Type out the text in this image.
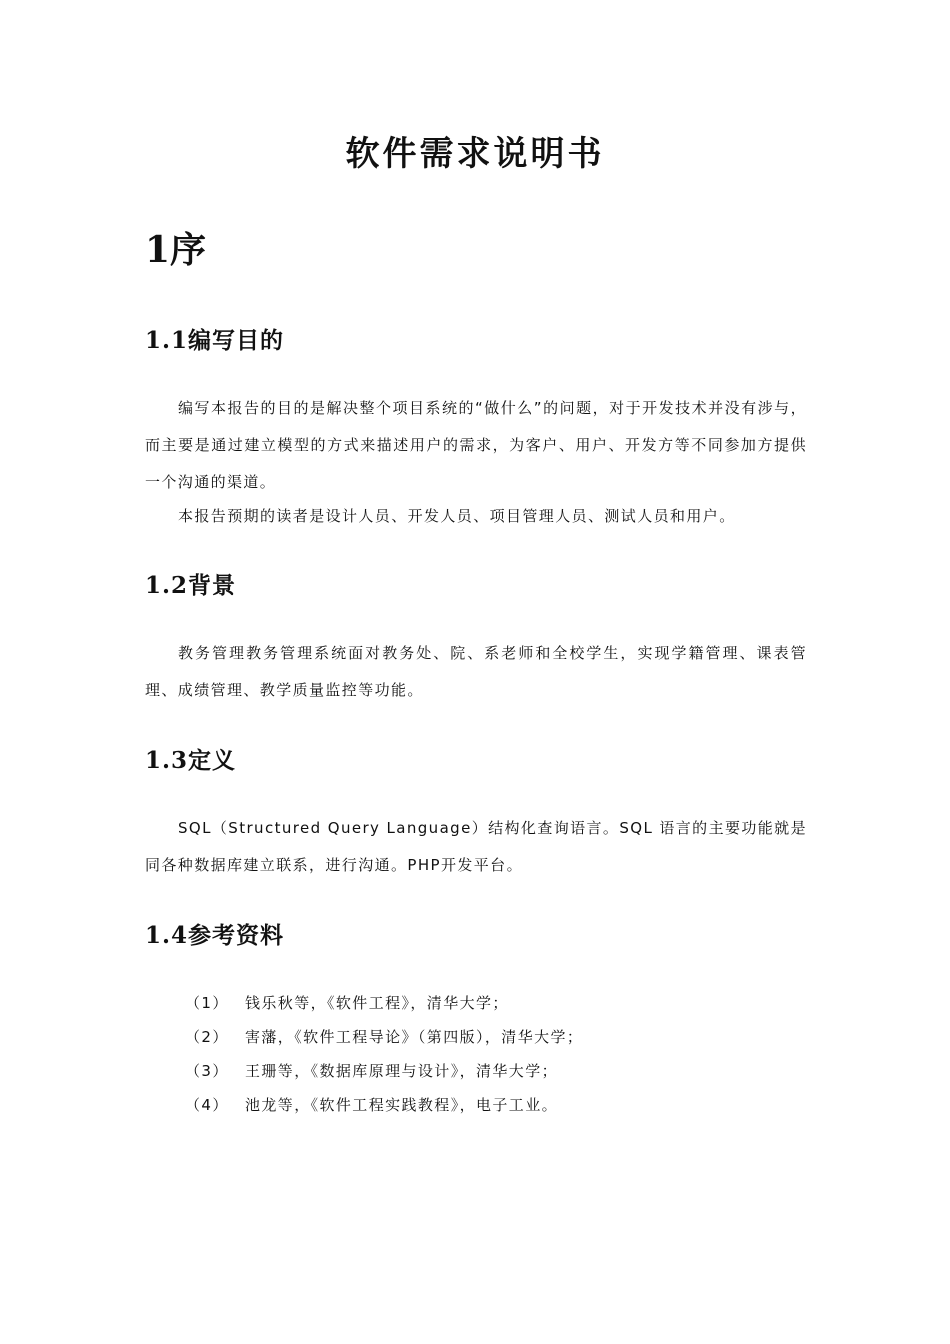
软件需求说明书
1序
1.1编写目的
编写本报告的目的是解决整个项目系统的“做什么”的问题，对于开发技术并没有涉与，而主要是通过建立模型的方式来描述用户的需求，为客户、用户、开发方等不同参加方提供一个沟通的渠道。
本报告预期的读者是设计人员、开发人员、项目管理人员、测试人员和用户。
1.2背景
教务管理教务管理系统面对教务处、院、系老师和全校学生，实现学籍管理、课表管理、成绩管理、教学质量监控等功能。
1.3定义
SQL（Structured Query Language）结构化查询语言。SQL 语言的主要功能就是同各种数据库建立联系，进行沟通。PHP开发平台。
1.4参考资料
（1） 钱乐秋等，《软件工程》，清华大学；
（2） 害藩，《软件工程导论》（第四版），清华大学；
（3） 王珊等，《数据库原理与设计》，清华大学；
（4） 池龙等，《软件工程实践教程》，电子工业。
